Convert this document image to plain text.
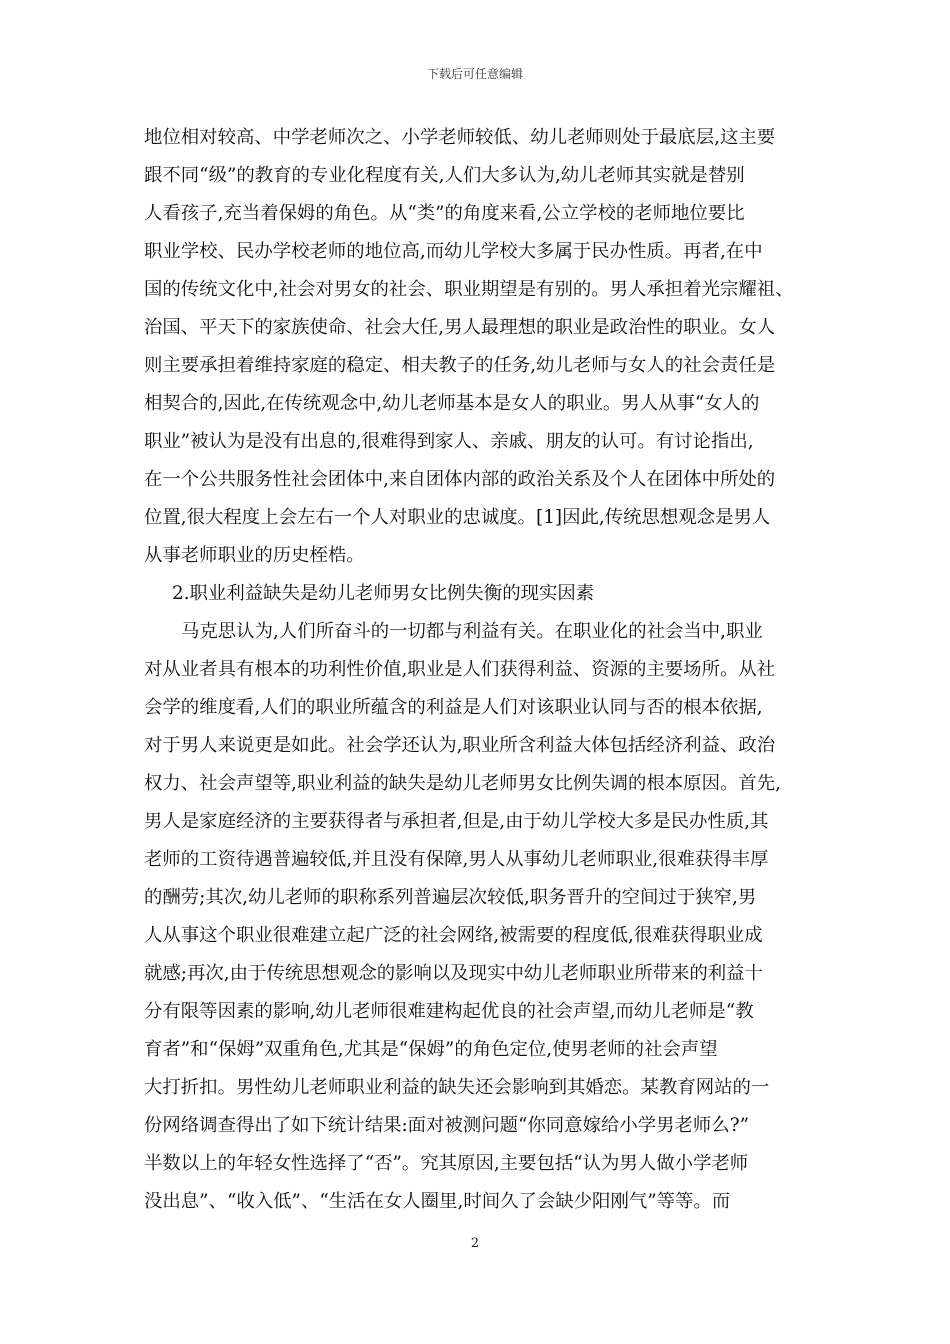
下载后可任意编辑
地位相对较高、中学老师次之、小学老师较低、幼儿老师则处于最底层,这主要
跟不同“级”的教育的专业化程度有关,人们大多认为,幼儿老师其实就是替别
人看孩子,充当着保姆的角色。从“类”的角度来看,公立学校的老师地位要比
职业学校、民办学校老师的地位高,而幼儿学校大多属于民办性质。再者,在中
国的传统文化中,社会对男女的社会、职业期望是有别的。男人承担着光宗耀祖、
治国、平天下的家族使命、社会大任,男人最理想的职业是政治性的职业。女人
则主要承担着维持家庭的稳定、相夫教子的任务,幼儿老师与女人的社会责任是
相契合的,因此,在传统观念中,幼儿老师基本是女人的职业。男人从事“女人的
职业”被认为是没有出息的,很难得到家人、亲戚、朋友的认可。有讨论指出,
在一个公共服务性社会团体中,来自团体内部的政治关系及个人在团体中所处的
位置,很大程度上会左右一个人对职业的忠诚度。[1]因此,传统思想观念是男人
从事老师职业的历史桎梏。
2.职业利益缺失是幼儿老师男女比例失衡的现实因素
马克思认为,人们所奋斗的一切都与利益有关。在职业化的社会当中,职业
对从业者具有根本的功利性价值,职业是人们获得利益、资源的主要场所。从社
会学的维度看,人们的职业所蕴含的利益是人们对该职业认同与否的根本依据,
对于男人来说更是如此。社会学还认为,职业所含利益大体包括经济利益、政治
权力、社会声望等,职业利益的缺失是幼儿老师男女比例失调的根本原因。首先,
男人是家庭经济的主要获得者与承担者,但是,由于幼儿学校大多是民办性质,其
老师的工资待遇普遍较低,并且没有保障,男人从事幼儿老师职业,很难获得丰厚
的酬劳;其次,幼儿老师的职称系列普遍层次较低,职务晋升的空间过于狭窄,男
人从事这个职业很难建立起广泛的社会网络,被需要的程度低,很难获得职业成
就感;再次,由于传统思想观念的影响以及现实中幼儿老师职业所带来的利益十
分有限等因素的影响,幼儿老师很难建构起优良的社会声望,而幼儿老师是“教
育者”和“保姆”双重角色,尤其是“保姆”的角色定位,使男老师的社会声望
大打折扣。男性幼儿老师职业利益的缺失还会影响到其婚恋。某教育网站的一
份网络调查得出了如下统计结果:面对被测问题“你同意嫁给小学男老师么?”
半数以上的年轻女性选择了“否”。究其原因,主要包括“认为男人做小学老师
没出息”、“收入低”、“生活在女人圈里,时间久了会缺少阳刚气”等等。而
2
